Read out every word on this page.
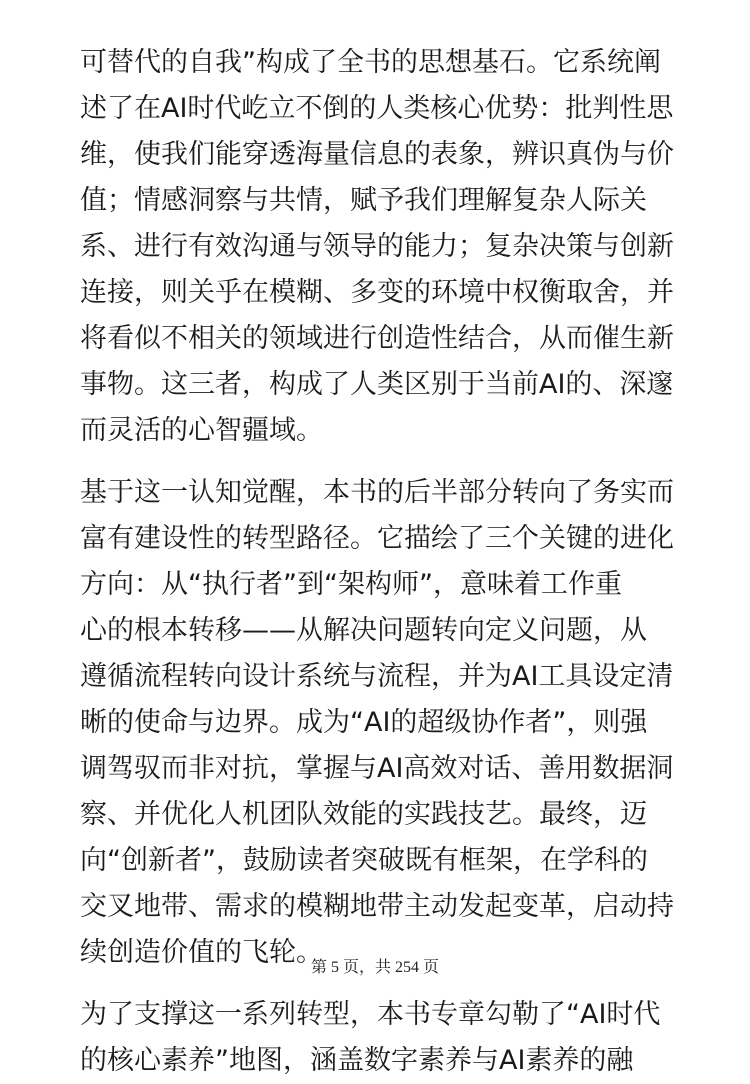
可替代的自我”构成了全书的思想基石。它系统阐
述了在AI时代屹立不倒的人类核心优势：批判性思
维，使我们能穿透海量信息的表象，辨识真伪与价
值；情感洞察与共情，赋予我们理解复杂人际关
系、进行有效沟通与领导的能力；复杂决策与创新
连接，则关乎在模糊、多变的环境中权衡取舍，并
将看似不相关的领域进行创造性结合，从而催生新
事物。这三者，构成了人类区别于当前AI的、深邃
而灵活的心智疆域。

基于这一认知觉醒，本书的后半部分转向了务实而
富有建设性的转型路径。它描绘了三个关键的进化
方向：从“执行者”到“架构师”，意味着工作重
心的根本转移——从解决问题转向定义问题，从
遵循流程转向设计系统与流程，并为AI工具设定清
晰的使命与边界。成为“AI的超级协作者”，则强
调驾驭而非对抗，掌握与AI高效对话、善用数据洞
察、并优化人机团队效能的实践技艺。最终，迈
向“创新者”，鼓励读者突破既有框架，在学科的
交叉地带、需求的模糊地带主动发起变革，启动持
续创造价值的飞轮。

为了支撑这一系列转型，本书专章勾勒了“AI时代
的核心素养”地图，涵盖数字素养与AI素养的融

第 5 页，共 254 页
